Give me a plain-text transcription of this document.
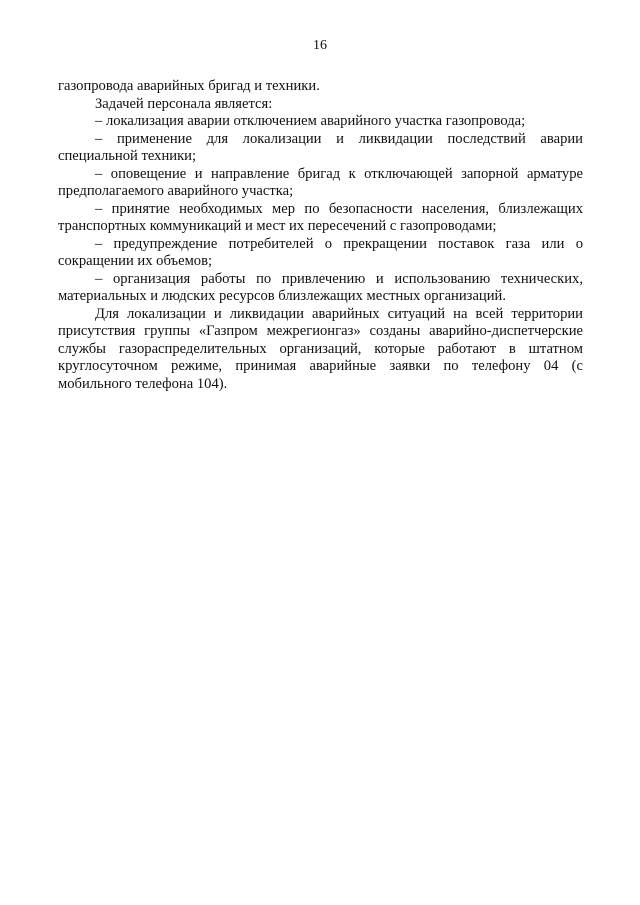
16

газопровода аварийных бригад и техники.

Задачей персонала является:

– локализация аварии отключением аварийного участка газопровода;

– применение для локализации и ликвидации последствий аварии специальной техники;

– оповещение и направление бригад к отключающей запорной арматуре предполагаемого аварийного участка;

– принятие необходимых мер по безопасности населения, близлежащих транспортных коммуникаций и мест их пересечений с газопроводами;

– предупреждение потребителей о прекращении поставок газа или о сокращении их объемов;

– организация работы по привлечению и использованию технических, материальных и людских ресурсов близлежащих местных организаций.

Для локализации и ликвидации аварийных ситуаций на всей территории присутствия группы «Газпром межрегионгаз» созданы аварийно-диспетчерские службы газораспределительных организаций, которые работают в штатном круглосуточном режиме, принимая аварийные заявки по телефону 04 (с мобильного телефона 104).
